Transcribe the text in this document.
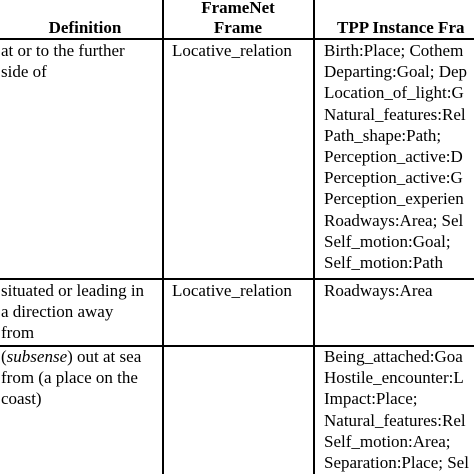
Definition
FrameNet
Frame	TPP Instance Fra
at or to the further
side of
Locative_relation Birth:Place; Cothem
Departing:Goal; Dep
Location_of_light:G
Natural_features:Rel
Path_shape:Path;
Perception_active:D
Perception_active:G
Perception_experien
Roadways:Area; Sel
Self_motion:Goal;
Self_motion:Path
situated or leading in
a direction away
from
Locative_relation Roadways:Area
(subsense) out at sea
from (a place on the
coast)
Being_attached:Goa
Hostile_encounter:L
Impact:Place;
Natural_features:Rel
Self_motion:Area;
Separation:Place; Sel
